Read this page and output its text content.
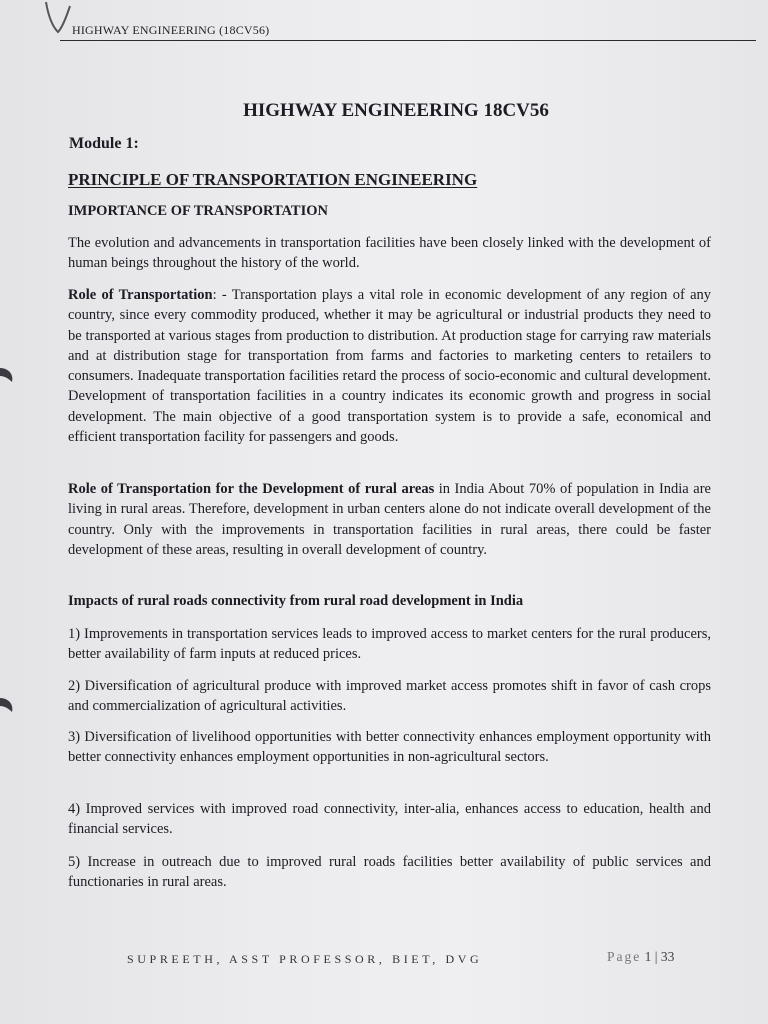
HIGHWAY ENGINEERING (18CV56)
HIGHWAY ENGINEERING 18CV56
Module 1:
PRINCIPLE OF TRANSPORTATION ENGINEERING
IMPORTANCE OF TRANSPORTATION
The evolution and advancements in transportation facilities have been closely linked with the development of human beings throughout the history of the world.
Role of Transportation: - Transportation plays a vital role in economic development of any region of any country, since every commodity produced, whether it may be agricultural or industrial products they need to be transported at various stages from production to distribution. At production stage for carrying raw materials and at distribution stage for transportation from farms and factories to marketing centers to retailers to consumers. Inadequate transportation facilities retard the process of socio-economic and cultural development. Development of transportation facilities in a country indicates its economic growth and progress in social development. The main objective of a good transportation system is to provide a safe, economical and efficient transportation facility for passengers and goods.
Role of Transportation for the Development of rural areas in India About 70% of population in India are living in rural areas. Therefore, development in urban centers alone do not indicate overall development of the country. Only with the improvements in transportation facilities in rural areas, there could be faster development of these areas, resulting in overall development of country.
Impacts of rural roads connectivity from rural road development in India
1) Improvements in transportation services leads to improved access to market centers for the rural producers, better availability of farm inputs at reduced prices.
2) Diversification of agricultural produce with improved market access promotes shift in favor of cash crops and commercialization of agricultural activities.
3) Diversification of livelihood opportunities with better connectivity enhances employment opportunity with better connectivity enhances employment opportunities in non-agricultural sectors.
4) Improved services with improved road connectivity, inter-alia, enhances access to education, health and financial services.
5) Increase in outreach due to improved rural roads facilities better availability of public services and functionaries in rural areas.
SUPREETH, ASST PROFESSOR, BIET, DVG	Page 1 | 33
